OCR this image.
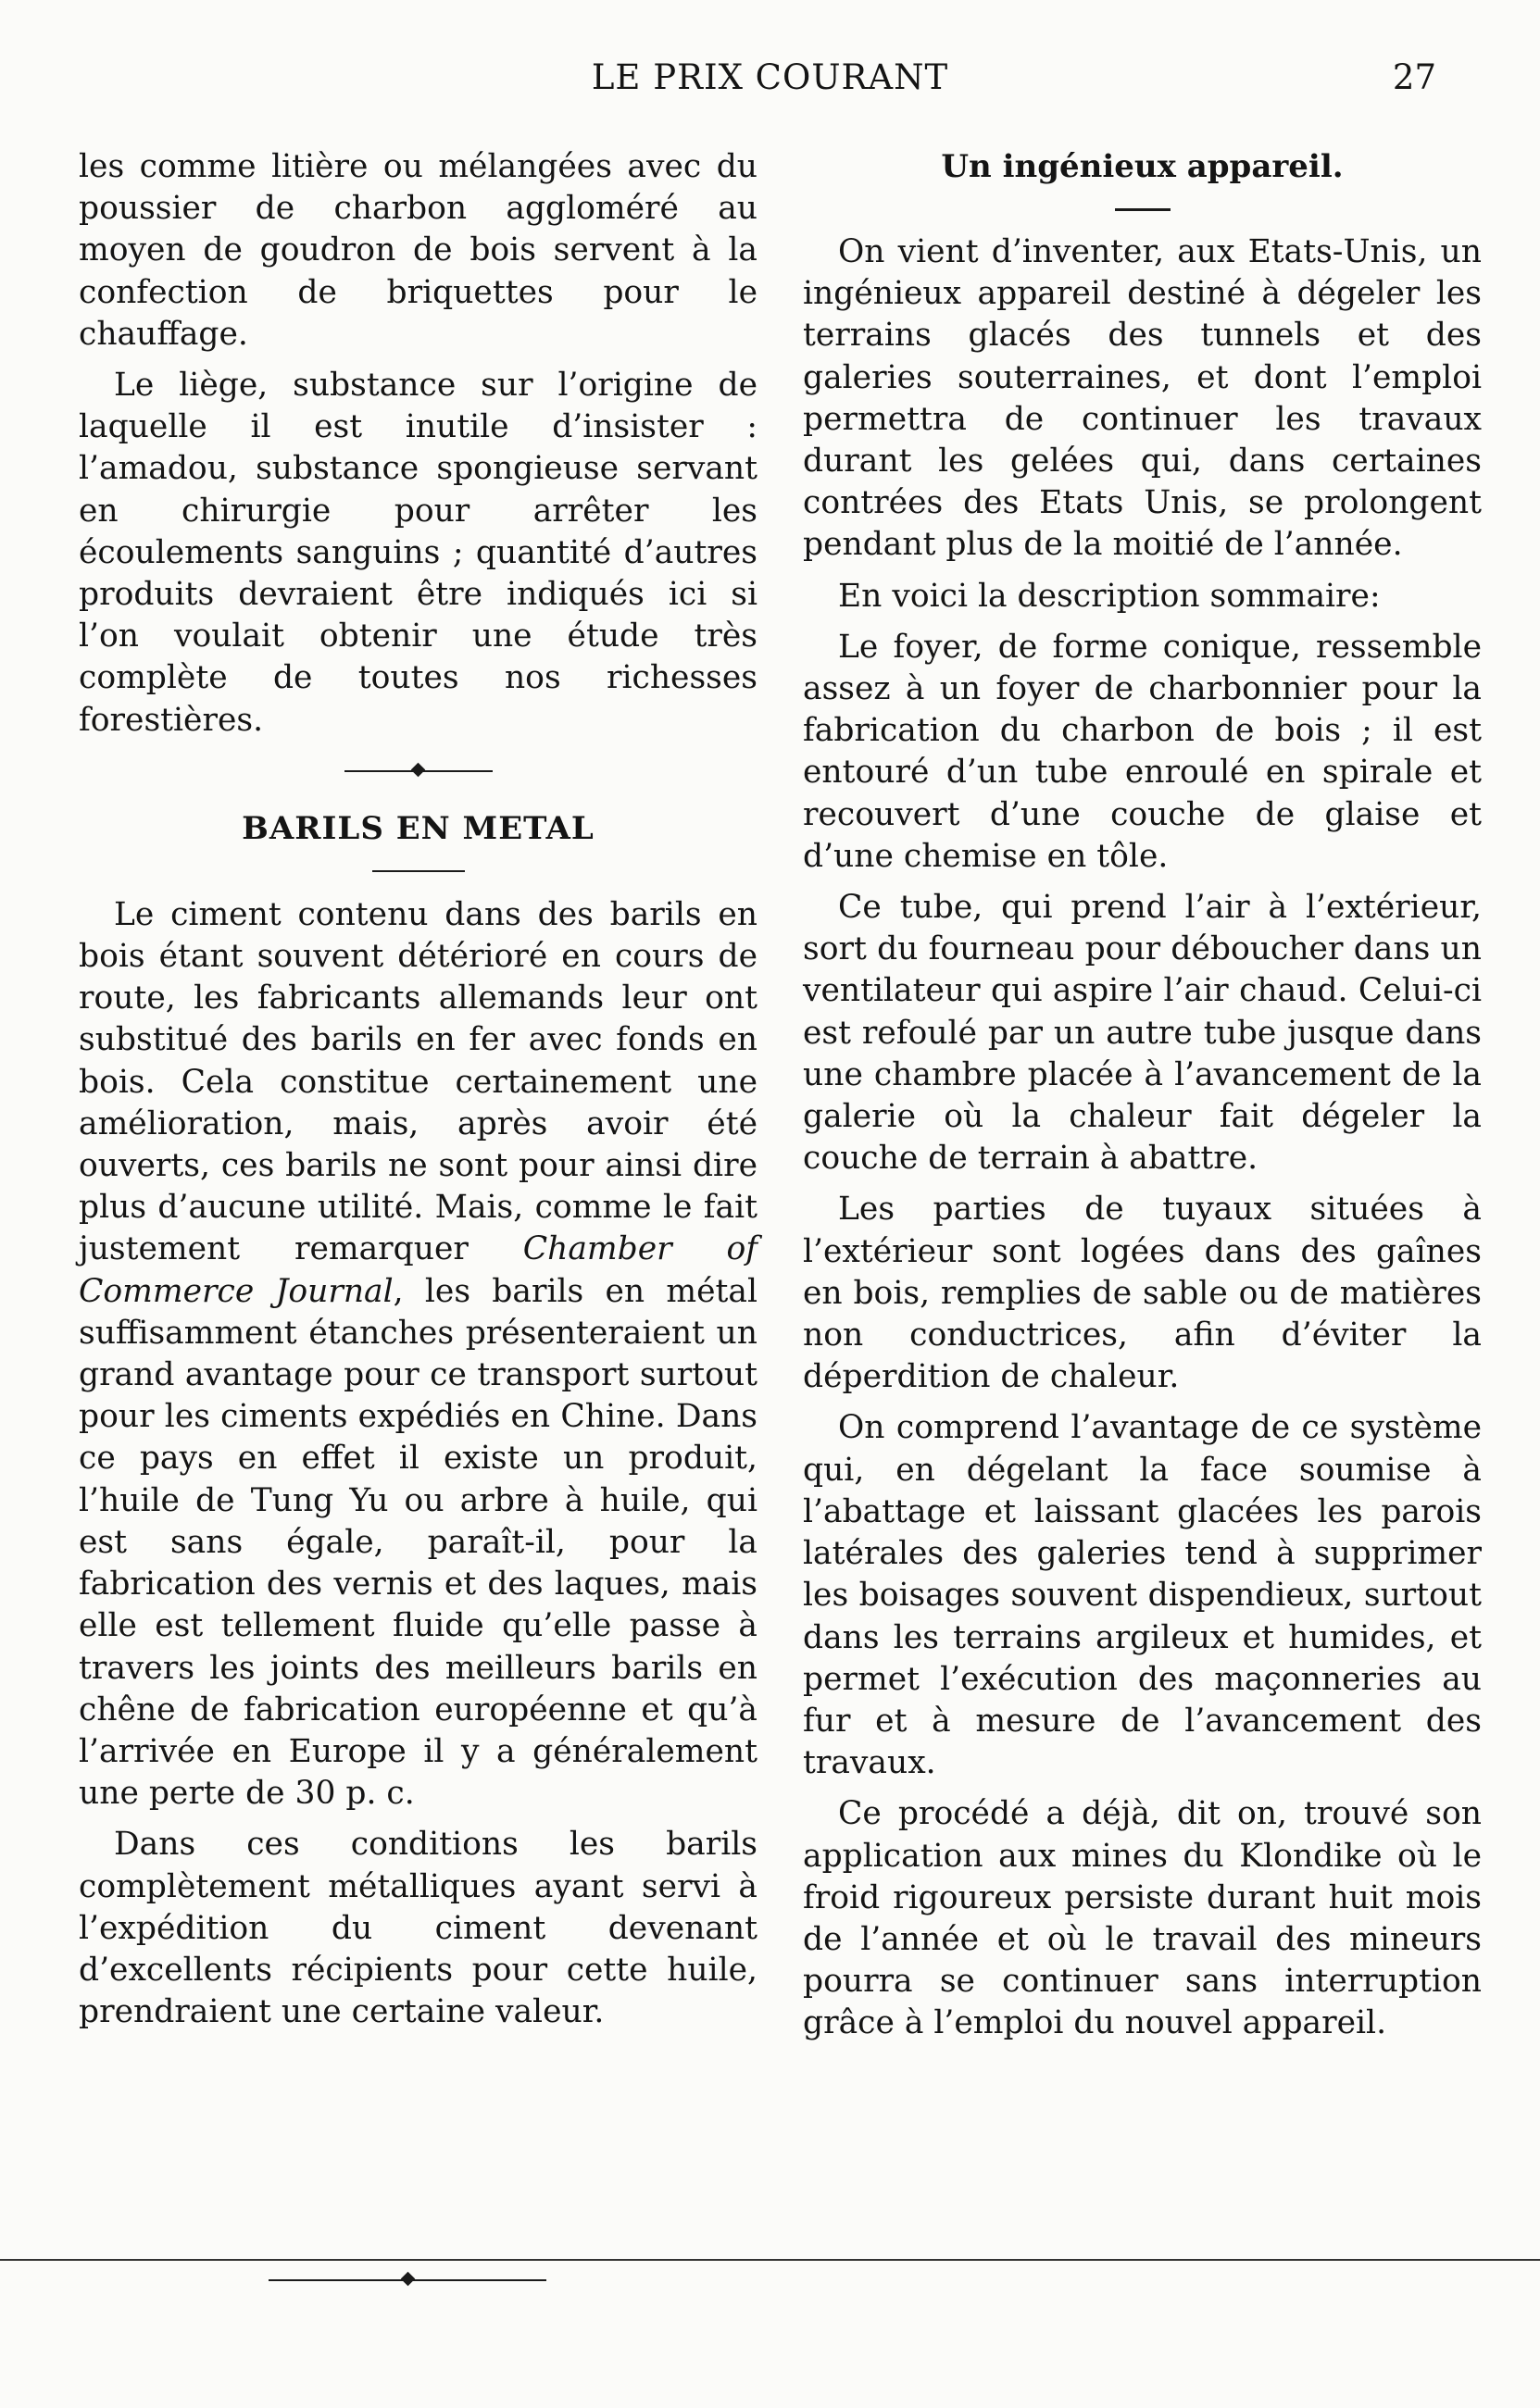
LE PRIX COURANT	27

les comme litière ou mélangées avec du poussier de charbon aggloméré au moyen de goudron de bois servent à la confection de briquettes pour le chauffage.

Le liège, substance sur l’origine de laquelle il est inutile d’insister : l’amadou, substance spongieuse servant en chirurgie pour arrêter les écoulements sanguins ; quantité d’autres produits devraient être indiqués ici si l’on voulait obtenir une étude très complète de toutes nos richesses forestières.

BARILS EN METAL

Le ciment contenu dans des barils en bois étant souvent détérioré en cours de route, les fabricants allemands leur ont substitué des barils en fer avec fonds en bois. Cela constitue certainement une amélioration, mais, après avoir été ouverts, ces barils ne sont pour ainsi dire plus d’aucune utilité. Mais, comme le fait justement remarquer Chamber of Commerce Journal, les barils en métal suffisamment étanches présenteraient un grand avantage pour ce transport surtout pour les ciments expédiés en Chine. Dans ce pays en effet il existe un produit, l’huile de Tung Yu ou arbre à huile, qui est sans égale, paraît-il, pour la fabrication des vernis et des laques, mais elle est tellement fluide qu’elle passe à travers les joints des meilleurs barils en chêne de fabrication européenne et qu’à l’arrivée en Europe il y a généralement une perte de 30 p. c.

Dans ces conditions les barils complètement métalliques ayant servi à l’expédition du ciment devenant d’excellents récipients pour cette huile, prendraient une certaine valeur.

Un ingénieux appareil.

On vient d’inventer, aux Etats-Unis, un ingénieux appareil destiné à dégeler les terrains glacés des tunnels et des galeries souterraines, et dont l’emploi permettra de continuer les travaux durant les gelées qui, dans certaines contrées des Etats Unis, se prolongent pendant plus de la moitié de l’année.

En voici la description sommaire:

Le foyer, de forme conique, ressemble assez à un foyer de charbonnier pour la fabrication du charbon de bois ; il est entouré d’un tube enroulé en spirale et recouvert d’une couche de glaise et d’une chemise en tôle.

Ce tube, qui prend l’air à l’extérieur, sort du fourneau pour déboucher dans un ventilateur qui aspire l’air chaud. Celui-ci est refoulé par un autre tube jusque dans une chambre placée à l’avancement de la galerie où la chaleur fait dégeler la couche de terrain à abattre.

Les parties de tuyaux situées à l’extérieur sont logées dans des gaînes en bois, remplies de sable ou de matières non conductrices, afin d’éviter la déperdition de chaleur.

On comprend l’avantage de ce système qui, en dégelant la face soumise à l’abattage et laissant glacées les parois latérales des galeries tend à supprimer les boisages souvent dispendieux, surtout dans les terrains argileux et humides, et permet l’exécution des maçonneries au fur et à mesure de l’avancement des travaux.

Ce procédé a déjà, dit on, trouvé son application aux mines du Klondike où le froid rigoureux persiste durant huit mois de l’année et où le travail des mineurs pourra se continuer sans interruption grâce à l’emploi du nouvel appareil.
